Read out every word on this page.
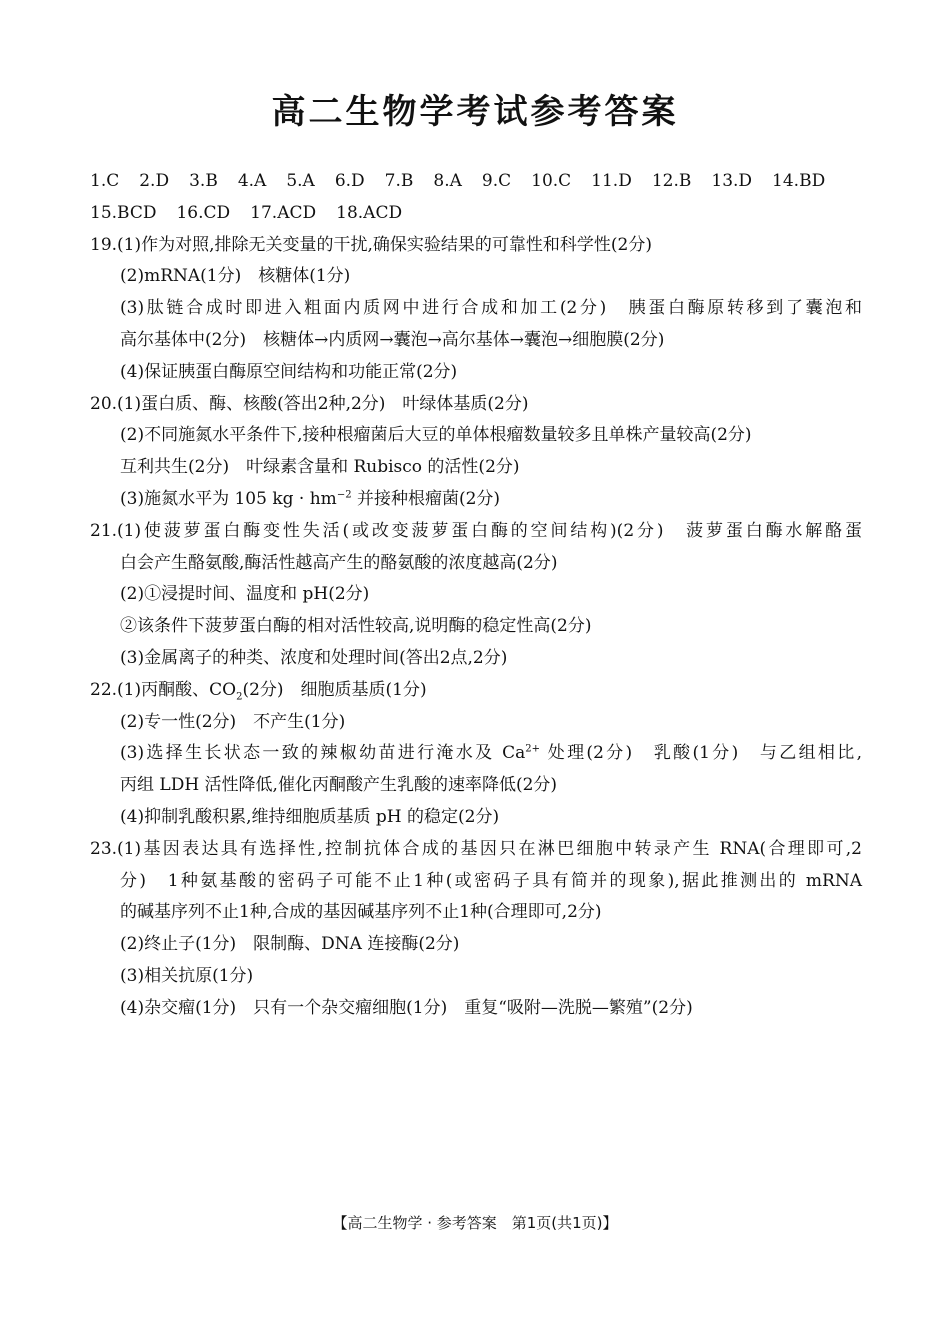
高二生物学考试参考答案
1.C 2.D 3.B 4.A 5.A 6.D 7.B 8.A 9.C 10.C 11.D 12.B 13.D 14.BD
15.BCD 16.CD 17.ACD 18.ACD
19.(1)作为对照,排除无关变量的干扰,确保实验结果的可靠性和科学性(2分)
(2)mRNA(1分)　核糖体(1分)
(3)肽链合成时即进入粗面内质网中进行合成和加工(2分)　胰蛋白酶原转移到了囊泡和
高尔基体中(2分)　核糖体→内质网→囊泡→高尔基体→囊泡→细胞膜(2分)
(4)保证胰蛋白酶原空间结构和功能正常(2分)
20.(1)蛋白质、酶、核酸(答出2种,2分)　叶绿体基质(2分)
(2)不同施氮水平条件下,接种根瘤菌后大豆的单体根瘤数量较多且单株产量较高(2分)
互利共生(2分)　叶绿素含量和 Rubisco 的活性(2分)
(3)施氮水平为 105 kg · $hm^{-2}$ 并接种根瘤菌(2分)
21.(1)使菠萝蛋白酶变性失活(或改变菠萝蛋白酶的空间结构)(2分)　菠萝蛋白酶水解酪蛋
白会产生酪氨酸,酶活性越高产生的酪氨酸的浓度越高(2分)
(2)①浸提时间、温度和 pH(2分)
②该条件下菠萝蛋白酶的相对活性较高,说明酶的稳定性高(2分)
(3)金属离子的种类、浓度和处理时间(答出2点,2分)
22.(1)丙酮酸、$CO_2(2$分)　细胞质基质(1分)
(2)专一性(2分)　不产生(1分)
(3)选择生长状态一致的辣椒幼苗进行淹水及 $Ca^{2+}$ 处理(2分)　乳酸(1分)　与乙组相比,
丙组 LDH 活性降低,催化丙酮酸产生乳酸的速率降低(2分)
(4)抑制乳酸积累,维持细胞质基质 pH 的稳定(2分)
23.(1)基因表达具有选择性,控制抗体合成的基因只在淋巴细胞中转录产生 RNA(合理即可,2
分)　1种氨基酸的密码子可能不止1种(或密码子具有简并的现象),据此推测出的 mRNA
的碱基序列不止1种,合成的基因碱基序列不止1种(合理即可,2分)
(2)终止子(1分)　限制酶、DNA 连接酶(2分)
(3)相关抗原(1分)
(4)杂交瘤(1分)　只有一个杂交瘤细胞(1分)　重复“吸附—洗脱—繁殖”(2分)
【高二生物学 · 参考答案　第1页(共1页)】
